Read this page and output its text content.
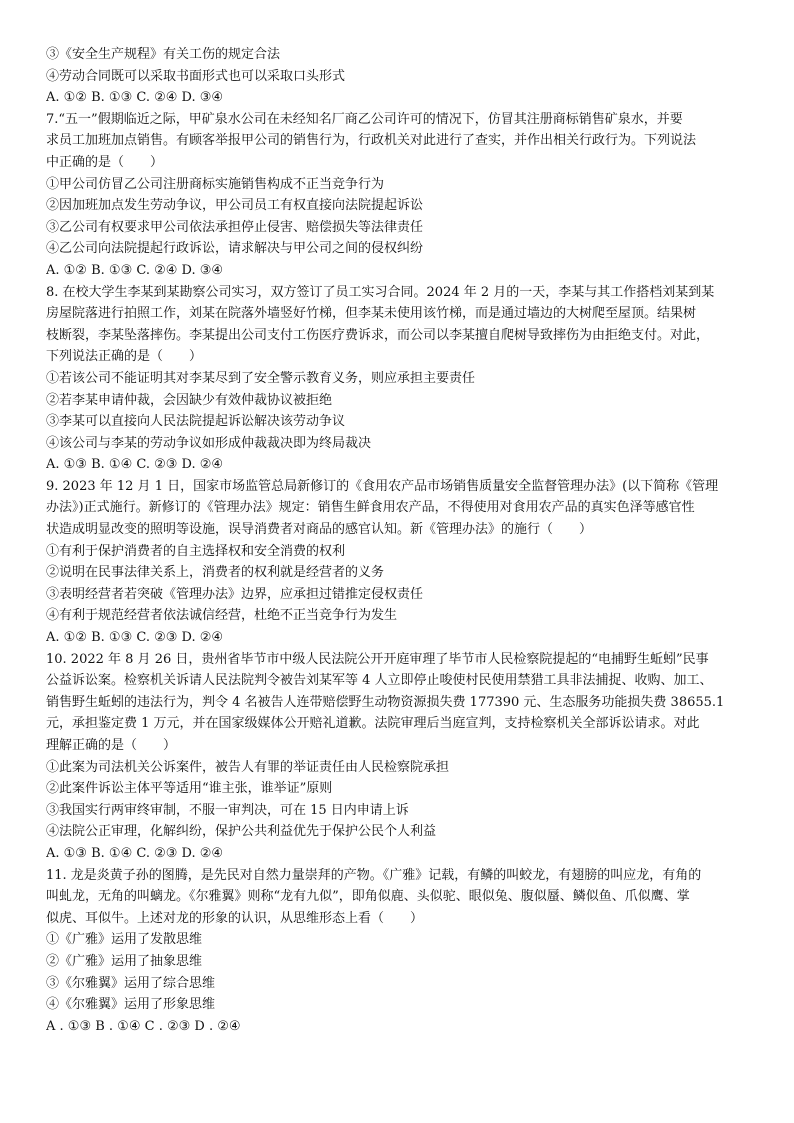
③《安全生产规程》有关工伤的规定合法
④劳动合同既可以采取书面形式也可以采取口头形式
A. ①② B. ①③ C. ②④ D. ③④
7.“五一”假期临近之际，甲矿泉水公司在未经知名厂商乙公司许可的情况下，仿冒其注册商标销售矿泉水，并要
求员工加班加点销售。有顾客举报甲公司的销售行为，行政机关对此进行了查实，并作出相关行政行为。下列说法
中正确的是（　　）
①甲公司仿冒乙公司注册商标实施销售构成不正当竞争行为
②因加班加点发生劳动争议，甲公司员工有权直接向法院提起诉讼
③乙公司有权要求甲公司依法承担停止侵害、赔偿损失等法律责任
④乙公司向法院提起行政诉讼，请求解决与甲公司之间的侵权纠纷
A. ①② B. ①③ C. ②④ D. ③④
8. 在校大学生李某到某勘察公司实习，双方签订了员工实习合同。2024 年 2 月的一天，李某与其工作搭档刘某到某
房屋院落进行拍照工作，刘某在院落外墙竖好竹梯，但李某未使用该竹梯，而是通过墙边的大树爬至屋顶。结果树
枝断裂，李某坠落摔伤。李某提出公司支付工伤医疗费诉求，而公司以李某擅自爬树导致摔伤为由拒绝支付。对此，
下列说法正确的是（　　）
①若该公司不能证明其对李某尽到了安全警示教育义务，则应承担主要责任
②若李某申请仲裁，会因缺少有效仲裁协议被拒绝
③李某可以直接向人民法院提起诉讼解决该劳动争议
④该公司与李某的劳动争议如形成仲裁裁决即为终局裁决
A. ①③ B. ①④ C. ②③ D. ②④
9. 2023 年 12 月 1 日，国家市场监管总局新修订的《食用农产品市场销售质量安全监督管理办法》(以下简称《管理
办法》)正式施行。新修订的《管理办法》规定：销售生鲜食用农产品，不得使用对食用农产品的真实色泽等感官性
状造成明显改变的照明等设施，误导消费者对商品的感官认知。新《管理办法》的施行（　　）
①有利于保护消费者的自主选择权和安全消费的权利
②说明在民事法律关系上，消费者的权利就是经营者的义务
③表明经营者若突破《管理办法》边界，应承担过错推定侵权责任
④有利于规范经营者依法诚信经营，杜绝不正当竞争行为发生
A. ①② B. ①③ C. ②③ D. ②④
10. 2022 年 8 月 26 日，贵州省毕节市中级人民法院公开开庭审理了毕节市人民检察院提起的“电捕野生蚯蚓”民事
公益诉讼案。检察机关诉请人民法院判令被告刘某军等 4 人立即停止唆使村民使用禁猎工具非法捕捉、收购、加工、
销售野生蚯蚓的违法行为，判令 4 名被告人连带赔偿野生动物资源损失费 177390 元、生态服务功能损失费 38655.1
元，承担鉴定费 1 万元，并在国家级媒体公开赔礼道歉。法院审理后当庭宣判，支持检察机关全部诉讼请求。对此
理解正确的是（　　）
①此案为司法机关公诉案件，被告人有罪的举证责任由人民检察院承担
②此案件诉讼主体平等适用“谁主张，谁举证”原则
③我国实行两审终审制，不服一审判决，可在 15 日内申请上诉
④法院公正审理，化解纠纷，保护公共利益优先于保护公民个人利益
A. ①③ B. ①④ C. ②③ D. ②④
11. 龙是炎黄子孙的图腾，是先民对自然力量崇拜的产物。《广雅》记载，有鳞的叫蛟龙，有翅膀的叫应龙，有角的
叫虬龙，无角的叫螭龙。《尔雅翼》则称“龙有九似”，即角似鹿、头似驼、眼似兔、腹似蜃、鳞似鱼、爪似鹰、掌
似虎、耳似牛。上述对龙的形象的认识，从思维形态上看（　　）
①《广雅》运用了发散思维
②《广雅》运用了抽象思维
③《尔雅翼》运用了综合思维
④《尔雅翼》运用了形象思维
A . ①③ B . ①④ C . ②③ D . ②④
